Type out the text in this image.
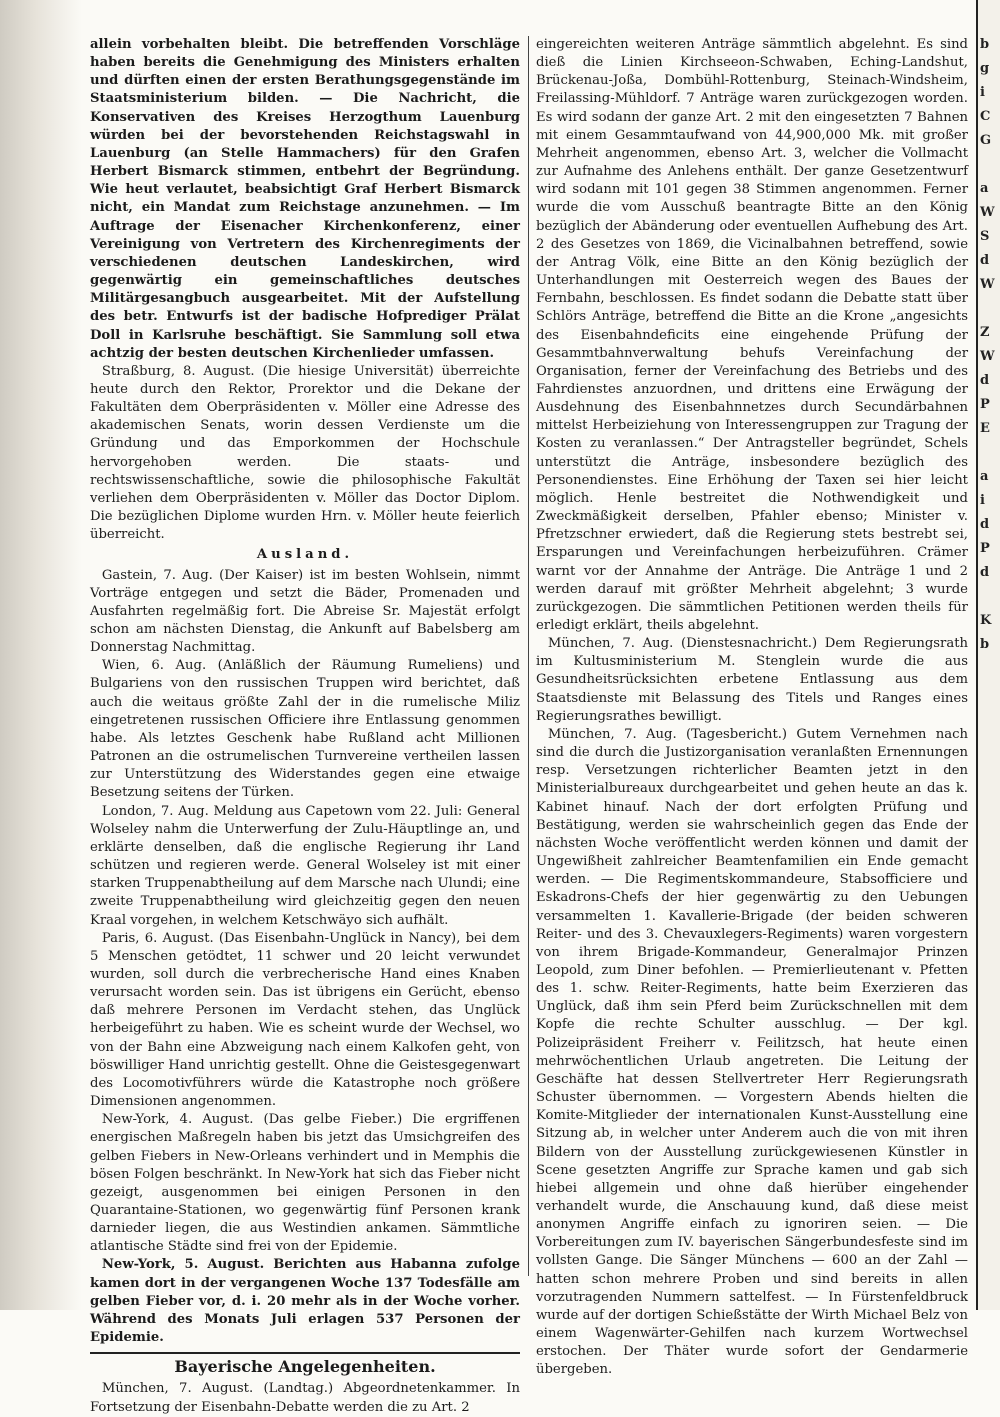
allein vorbehalten bleibt. Die betreffenden Vorschläge haben bereits die Genehmigung des Ministers erhalten und dürften einen der ersten Berathungsgegenstände im Staatsministerium bilden. — Die Nachricht, die Konservativen des Kreises Herzogthum Lauenburg würden bei der bevorstehenden Reichstagswahl in Lauenburg (an Stelle Hammachers) für den Grafen Herbert Bismarck stimmen, entbehrt der Begründung. Wie heut verlautet, beabsichtigt Graf Herbert Bismarck nicht, ein Mandat zum Reichstage anzunehmen. — Im Auftrage der Eisenacher Kirchenkonferenz, einer Vereinigung von Vertretern des Kirchenregiments der verschiedenen deutschen Landeskirchen, wird gegenwärtig ein gemeinschaftliches deutsches Militärgesangbuch ausgearbeitet. Mit der Aufstellung des betr. Entwurfs ist der badische Hofprediger Prälat Doll in Karlsruhe beschäftigt. Sie Sammlung soll etwa achtzig der besten deutschen Kirchenlieder umfassen.

Straßburg, 8. August. (Die hiesige Universität) überreichte heute durch den Rektor, Prorektor und die Dekane der Fakultäten dem Oberpräsidenten v. Möller eine Adresse des akademischen Senats, worin dessen Verdienste um die Gründung und das Emporkommen der Hochschule hervorgehoben werden. Die staats- und rechtswissenschaftliche, sowie die philosophische Fakultät verliehen dem Oberpräsidenten v. Möller das Doctor Diplom. Die bezüglichen Diplome wurden Hrn. v. Möller heute feierlich überreicht.

Ausland.

Gastein, 7. Aug. (Der Kaiser) ist im besten Wohlsein, nimmt Vorträge entgegen und setzt die Bäder, Promenaden und Ausfahrten regelmäßig fort. Die Abreise Sr. Majestät erfolgt schon am nächsten Dienstag, die Ankunft auf Babelsberg am Donnerstag Nachmittag.

Wien, 6. Aug. (Anläßlich der Räumung Rumeliens) und Bulgariens von den russischen Truppen wird berichtet, daß auch die weitaus größte Zahl der in die rumelische Miliz eingetretenen russischen Officiere ihre Entlassung genommen habe. Als letztes Geschenk habe Rußland acht Millionen Patronen an die ostrumelischen Turnvereine vertheilen lassen zur Unterstützung des Widerstandes gegen eine etwaige Besetzung seitens der Türken.

London, 7. Aug. Meldung aus Capetown vom 22. Juli: General Wolseley nahm die Unterwerfung der Zulu-Häuptlinge an, und erklärte denselben, daß die englische Regierung ihr Land schützen und regieren werde. General Wolseley ist mit einer starken Truppenabtheilung auf dem Marsche nach Ulundi; eine zweite Truppenabtheilung wird gleichzeitig gegen den neuen Kraal vorgehen, in welchem Ketschwäyo sich aufhält.

Paris, 6. August. (Das Eisenbahn-Unglück in Nancy), bei dem 5 Menschen getödtet, 11 schwer und 20 leicht verwundet wurden, soll durch die verbrecherische Hand eines Knaben verursacht worden sein. Das ist übrigens ein Gerücht, ebenso daß mehrere Personen im Verdacht stehen, das Unglück herbeigeführt zu haben. Wie es scheint wurde der Wechsel, wo von der Bahn eine Abzweigung nach einem Kalkofen geht, von böswilliger Hand unrichtig gestellt. Ohne die Geistesgegenwart des Locomotivführers würde die Katastrophe noch größere Dimensionen angenommen.

New-York, 4. August. (Das gelbe Fieber.) Die ergriffenen energischen Maßregeln haben bis jetzt das Umsichgreifen des gelben Fiebers in New-Orleans verhindert und in Memphis die bösen Folgen beschränkt. In New-York hat sich das Fieber nicht gezeigt, ausgenommen bei einigen Personen in den Quarantaine-Stationen, wo gegenwärtig fünf Personen krank darnieder liegen, die aus Westindien ankamen. Sämmtliche atlantische Städte sind frei von der Epidemie.

New-York, 5. August. Berichten aus Habanna zufolge kamen dort in der vergangenen Woche 137 Todesfälle am gelben Fieber vor, d. i. 20 mehr als in der Woche vorher. Während des Monats Juli erlagen 537 Personen der Epidemie.

Bayerische Angelegenheiten.

München, 7. August. (Landtag.) Abgeordnetenkammer. In Fortsetzung der Eisenbahn-Debatte werden die zu Art. 2

eingereichten weiteren Anträge sämmtlich abgelehnt. Es sind dieß die Linien Kirchseeon-Schwaben, Eching-Landshut, Brückenau-Joßa, Dombühl-Rottenburg, Steinach-Windsheim, Freilassing-Mühldorf. 7 Anträge waren zurückgezogen worden. Es wird sodann der ganze Art. 2 mit den eingesetzten 7 Bahnen mit einem Gesammtaufwand von 44,900,000 Mk. mit großer Mehrheit angenommen, ebenso Art. 3, welcher die Vollmacht zur Aufnahme des Anlehens enthält. Der ganze Gesetzentwurf wird sodann mit 101 gegen 38 Stimmen angenommen. Ferner wurde die vom Ausschuß beantragte Bitte an den König bezüglich der Abänderung oder eventuellen Aufhebung des Art. 2 des Gesetzes von 1869, die Vicinalbahnen betreffend, sowie der Antrag Völk, eine Bitte an den König bezüglich der Unterhandlungen mit Oesterreich wegen des Baues der Fernbahn, beschlossen. Es findet sodann die Debatte statt über Schlörs Anträge, betreffend die Bitte an die Krone „angesichts des Eisenbahndeficits eine eingehende Prüfung der Gesammtbahnverwaltung behufs Vereinfachung der Organisation, ferner der Vereinfachung des Betriebs und des Fahrdienstes anzuordnen, und drittens eine Erwägung der Ausdehnung des Eisenbahnnetzes durch Secundärbahnen mittelst Herbeiziehung von Interessengruppen zur Tragung der Kosten zu veranlassen.“ Der Antragsteller begründet, Schels unterstützt die Anträge, insbesondere bezüglich des Personendienstes. Eine Erhöhung der Taxen sei hier leicht möglich. Henle bestreitet die Nothwendigkeit und Zweckmäßigkeit derselben, Pfahler ebenso; Minister v. Pfretzschner erwiedert, daß die Regierung stets bestrebt sei, Ersparungen und Vereinfachungen herbeizuführen. Crämer warnt vor der Annahme der Anträge. Die Anträge 1 und 2 werden darauf mit größter Mehrheit abgelehnt; 3 wurde zurückgezogen. Die sämmtlichen Petitionen werden theils für erledigt erklärt, theils abgelehnt.

München, 7. Aug. (Dienstesnachricht.) Dem Regierungsrath im Kultusministerium M. Stenglein wurde die aus Gesundheitsrücksichten erbetene Entlassung aus dem Staatsdienste mit Belassung des Titels und Ranges eines Regierungsrathes bewilligt.

München, 7. Aug. (Tagesbericht.) Gutem Vernehmen nach sind die durch die Justizorganisation veranlaßten Ernennungen resp. Versetzungen richterlicher Beamten jetzt in den Ministerialbureaux durchgearbeitet und gehen heute an das k. Kabinet hinauf. Nach der dort erfolgten Prüfung und Bestätigung, werden sie wahrscheinlich gegen das Ende der nächsten Woche veröffentlicht werden können und damit der Ungewißheit zahlreicher Beamtenfamilien ein Ende gemacht werden. — Die Regimentskommandeure, Stabsofficiere und Eskadrons-Chefs der hier gegenwärtig zu den Uebungen versammelten 1. Kavallerie-Brigade (der beiden schweren Reiter- und des 3. Chevauxlegers-Regiments) waren vorgestern von ihrem Brigade-Kommandeur, Generalmajor Prinzen Leopold, zum Diner befohlen. — Premierlieutenant v. Pfetten des 1. schw. Reiter-Regiments, hatte beim Exerzieren das Unglück, daß ihm sein Pferd beim Zurückschnellen mit dem Kopfe die rechte Schulter ausschlug. — Der kgl. Polizeipräsident Freiherr v. Feilitzsch, hat heute einen mehrwöchentlichen Urlaub angetreten. Die Leitung der Geschäfte hat dessen Stellvertreter Herr Regierungsrath Schuster übernommen. — Vorgestern Abends hielten die Komite-Mitglieder der internationalen Kunst-Ausstellung eine Sitzung ab, in welcher unter Anderem auch die von mit ihren Bildern von der Ausstellung zurückgewiesenen Künstler in Scene gesetzten Angriffe zur Sprache kamen und gab sich hiebei allgemein und ohne daß hierüber eingehender verhandelt wurde, die Anschauung kund, daß diese meist anonymen Angriffe einfach zu ignoriren seien. — Die Vorbereitungen zum IV. bayerischen Sängerbundesfeste sind im vollsten Gange. Die Sänger Münchens — 600 an der Zahl — hatten schon mehrere Proben und sind bereits in allen vorzutragenden Nummern sattelfest. — In Fürstenfeldbruck wurde auf der dortigen Schießstätte der Wirth Michael Belz von einem Wagenwärter-Gehilfen nach kurzem Wortwechsel erstochen. Der Thäter wurde sofort der Gendarmerie übergeben.

b
g
i
C
G
a
W
S
d
W
Z
W
d
P
E
a
i
d
P
d
K
b
